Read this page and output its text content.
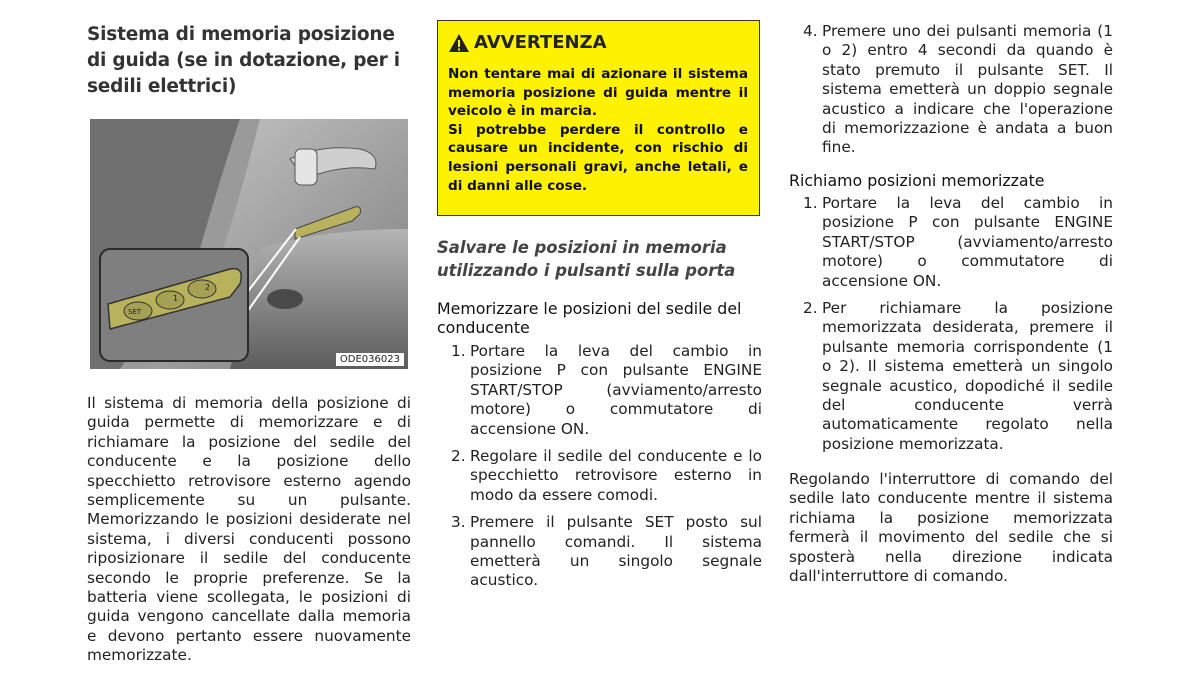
Sistema di memoria posizione di guida (se in dotazione, per i sedili elettrici)
SET
1
2
ODE036023

Il sistema di memoria della posizione di guida permette di memorizzare e di richiamare la posizione del sedile del conducente e la posizione dello specchietto retrovisore esterno agendo semplicemente su un pulsante. Memorizzando le posizioni desiderate nel sistema, i diversi conducenti possono riposizionare il sedile del conducente secondo le proprie preferenze. Se la batteria viene scollegata, le posizioni di guida vengono cancellate dalla memoria e devono pertanto essere nuovamente memorizzate.

AVVERTENZA

Non tentare mai di azionare il sistema memoria posizione di guida mentre il veicolo è in marcia.

Si potrebbe perdere il controllo e causare un incidente, con rischio di lesioni personali gravi, anche letali, e di danni alle cose.

Salvare le posizioni in memoria utilizzando i pulsanti sulla porta

Memorizzare le posizioni del sedile del conducente

1. Portare la leva del cambio in posizione P con pulsante ENGINE START/STOP (avviamento/arresto motore) o commutatore di accensione ON.
2. Regolare il sedile del conducente e lo specchietto retrovisore esterno in modo da essere comodi.
3. Premere il pulsante SET posto sul pannello comandi. Il sistema emetterà un singolo segnale acustico.
4. Premere uno dei pulsanti memoria (1 o 2) entro 4 secondi da quando è stato premuto il pulsante SET. Il sistema emetterà un doppio segnale acustico a indicare che l'operazione di memorizzazione è andata a buon fine.

Richiamo posizioni memorizzate

1. Portare la leva del cambio in posizione P con pulsante ENGINE START/STOP (avviamento/arresto motore) o commutatore di accensione ON.
2. Per richiamare la posizione memorizzata desiderata, premere il pulsante memoria corrispondente (1 o 2). Il sistema emetterà un singolo segnale acustico, dopodiché il sedile del conducente verrà automaticamente regolato nella posizione memorizzata.

Regolando l'interruttore di comando del sedile lato conducente mentre il sistema richiama la posizione memorizzata fermerà il movimento del sedile che si sposterà nella direzione indicata dall'interruttore di comando.
